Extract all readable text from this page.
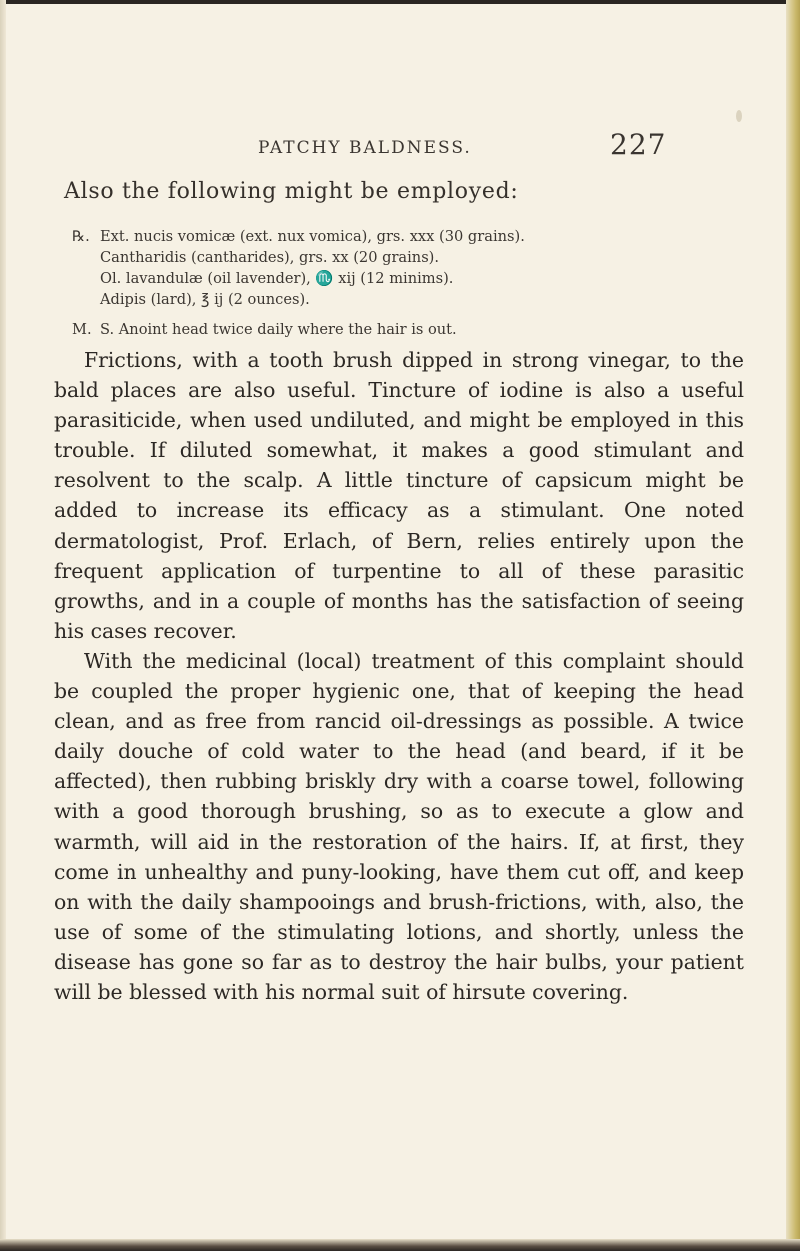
PATCHY BALDNESS.	227
Also the following might be employed:
℞. Ext. nucis vomicæ (ext. nux vomica), grs. xxx (30 grains).
Cantharidis (cantharides), grs. xx (20 grains).
Ol. lavandulæ (oil lavender), ♏ xij (12 minims).
Adipis (lard), ℥ ij (2 ounces).
M. S. Anoint head twice daily where the hair is out.

Frictions, with a tooth brush dipped in strong vinegar, to the bald places are also useful. Tincture of iodine is also a useful parasiticide, when used undiluted, and might be employed in this trouble. If diluted somewhat, it makes a good stimulant and resolvent to the scalp. A little tincture of capsicum might be added to increase its efficacy as a stimulant. One noted dermatologist, Prof. Erlach, of Bern, relies entirely upon the frequent application of turpentine to all of these parasitic growths, and in a couple of months has the satisfaction of seeing his cases recover.

With the medicinal (local) treatment of this complaint should be coupled the proper hygienic one, that of keeping the head clean, and as free from rancid oil-dressings as possible. A twice daily douche of cold water to the head (and beard, if it be affected), then rubbing briskly dry with a coarse towel, following with a good thorough brushing, so as to execute a glow and warmth, will aid in the restoration of the hairs. If, at first, they come in unhealthy and puny-looking, have them cut off, and keep on with the daily shampooings and brush-frictions, with, also, the use of some of the stimulating lotions, and shortly, unless the disease has gone so far as to destroy the hair bulbs, your patient will be blessed with his normal suit of hirsute covering.
